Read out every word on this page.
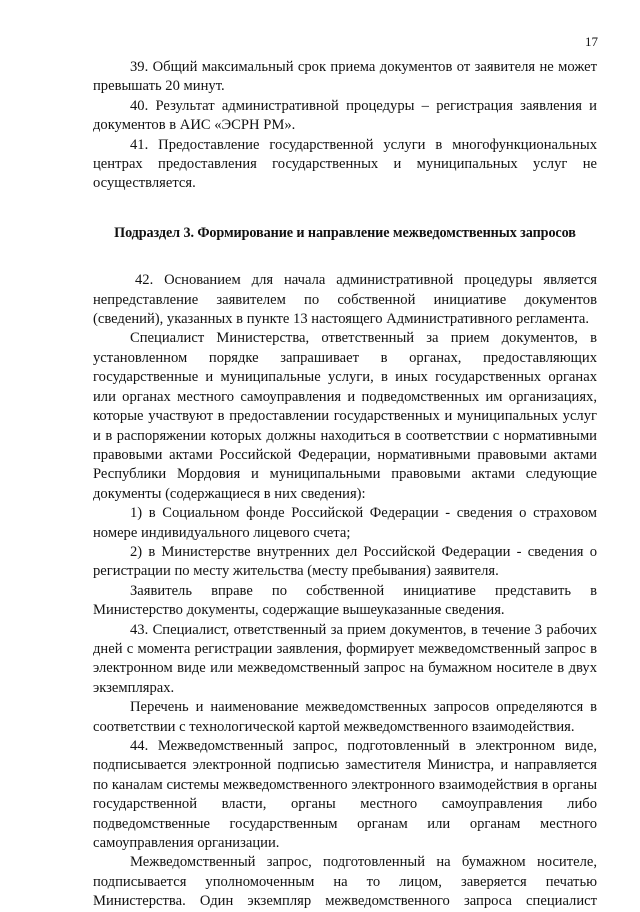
17

39. Общий максимальный срок приема документов от заявителя не может превышать 20 минут.

40. Результат административной процедуры – регистрация заявления и документов в АИС «ЭСРН РМ».

41. Предоставление государственной услуги в многофункциональных центрах предоставления государственных и муниципальных услуг не осуществляется.

Подраздел 3. Формирование и направление межведомственных запросов

42. Основанием для начала административной процедуры является непредставление заявителем по собственной инициативе документов (сведений), указанных в пункте 13 настоящего Административного регламента.

Специалист Министерства, ответственный за прием документов, в установленном порядке запрашивает в органах, предоставляющих государственные и муниципальные услуги, в иных государственных органах или органах местного самоуправления и подведомственных им организациях, которые участвуют в предоставлении государственных и муниципальных услуг и в распоряжении которых должны находиться в соответствии с нормативными правовыми актами Российской Федерации, нормативными правовыми актами Республики Мордовия и муниципальными правовыми актами следующие документы (содержащиеся в них сведения):

1) в Социальном фонде Российской Федерации - сведения о страховом номере индивидуального лицевого счета;

2) в Министерстве внутренних дел Российской Федерации - сведения о регистрации по месту жительства (месту пребывания) заявителя.

Заявитель вправе по собственной инициативе представить в Министерство документы, содержащие вышеуказанные сведения.

43. Специалист, ответственный за прием документов, в течение 3 рабочих дней с момента регистрации заявления, формирует межведомственный запрос в электронном виде или межведомственный запрос на бумажном носителе в двух экземплярах.

Перечень и наименование межведомственных запросов определяются в соответствии с технологической картой межведомственного взаимодействия.

44. Межведомственный запрос, подготовленный в электронном виде, подписывается электронной подписью заместителя Министра, и направляется по каналам системы межведомственного электронного взаимодействия в органы государственной власти, органы местного самоуправления либо подведомственные государственным органам или органам местного самоуправления организации.

Межведомственный запрос, подготовленный на бумажном носителе, подписывается уполномоченным на то лицом, заверяется печатью Министерства. Один экземпляр межведомственного запроса специалист
